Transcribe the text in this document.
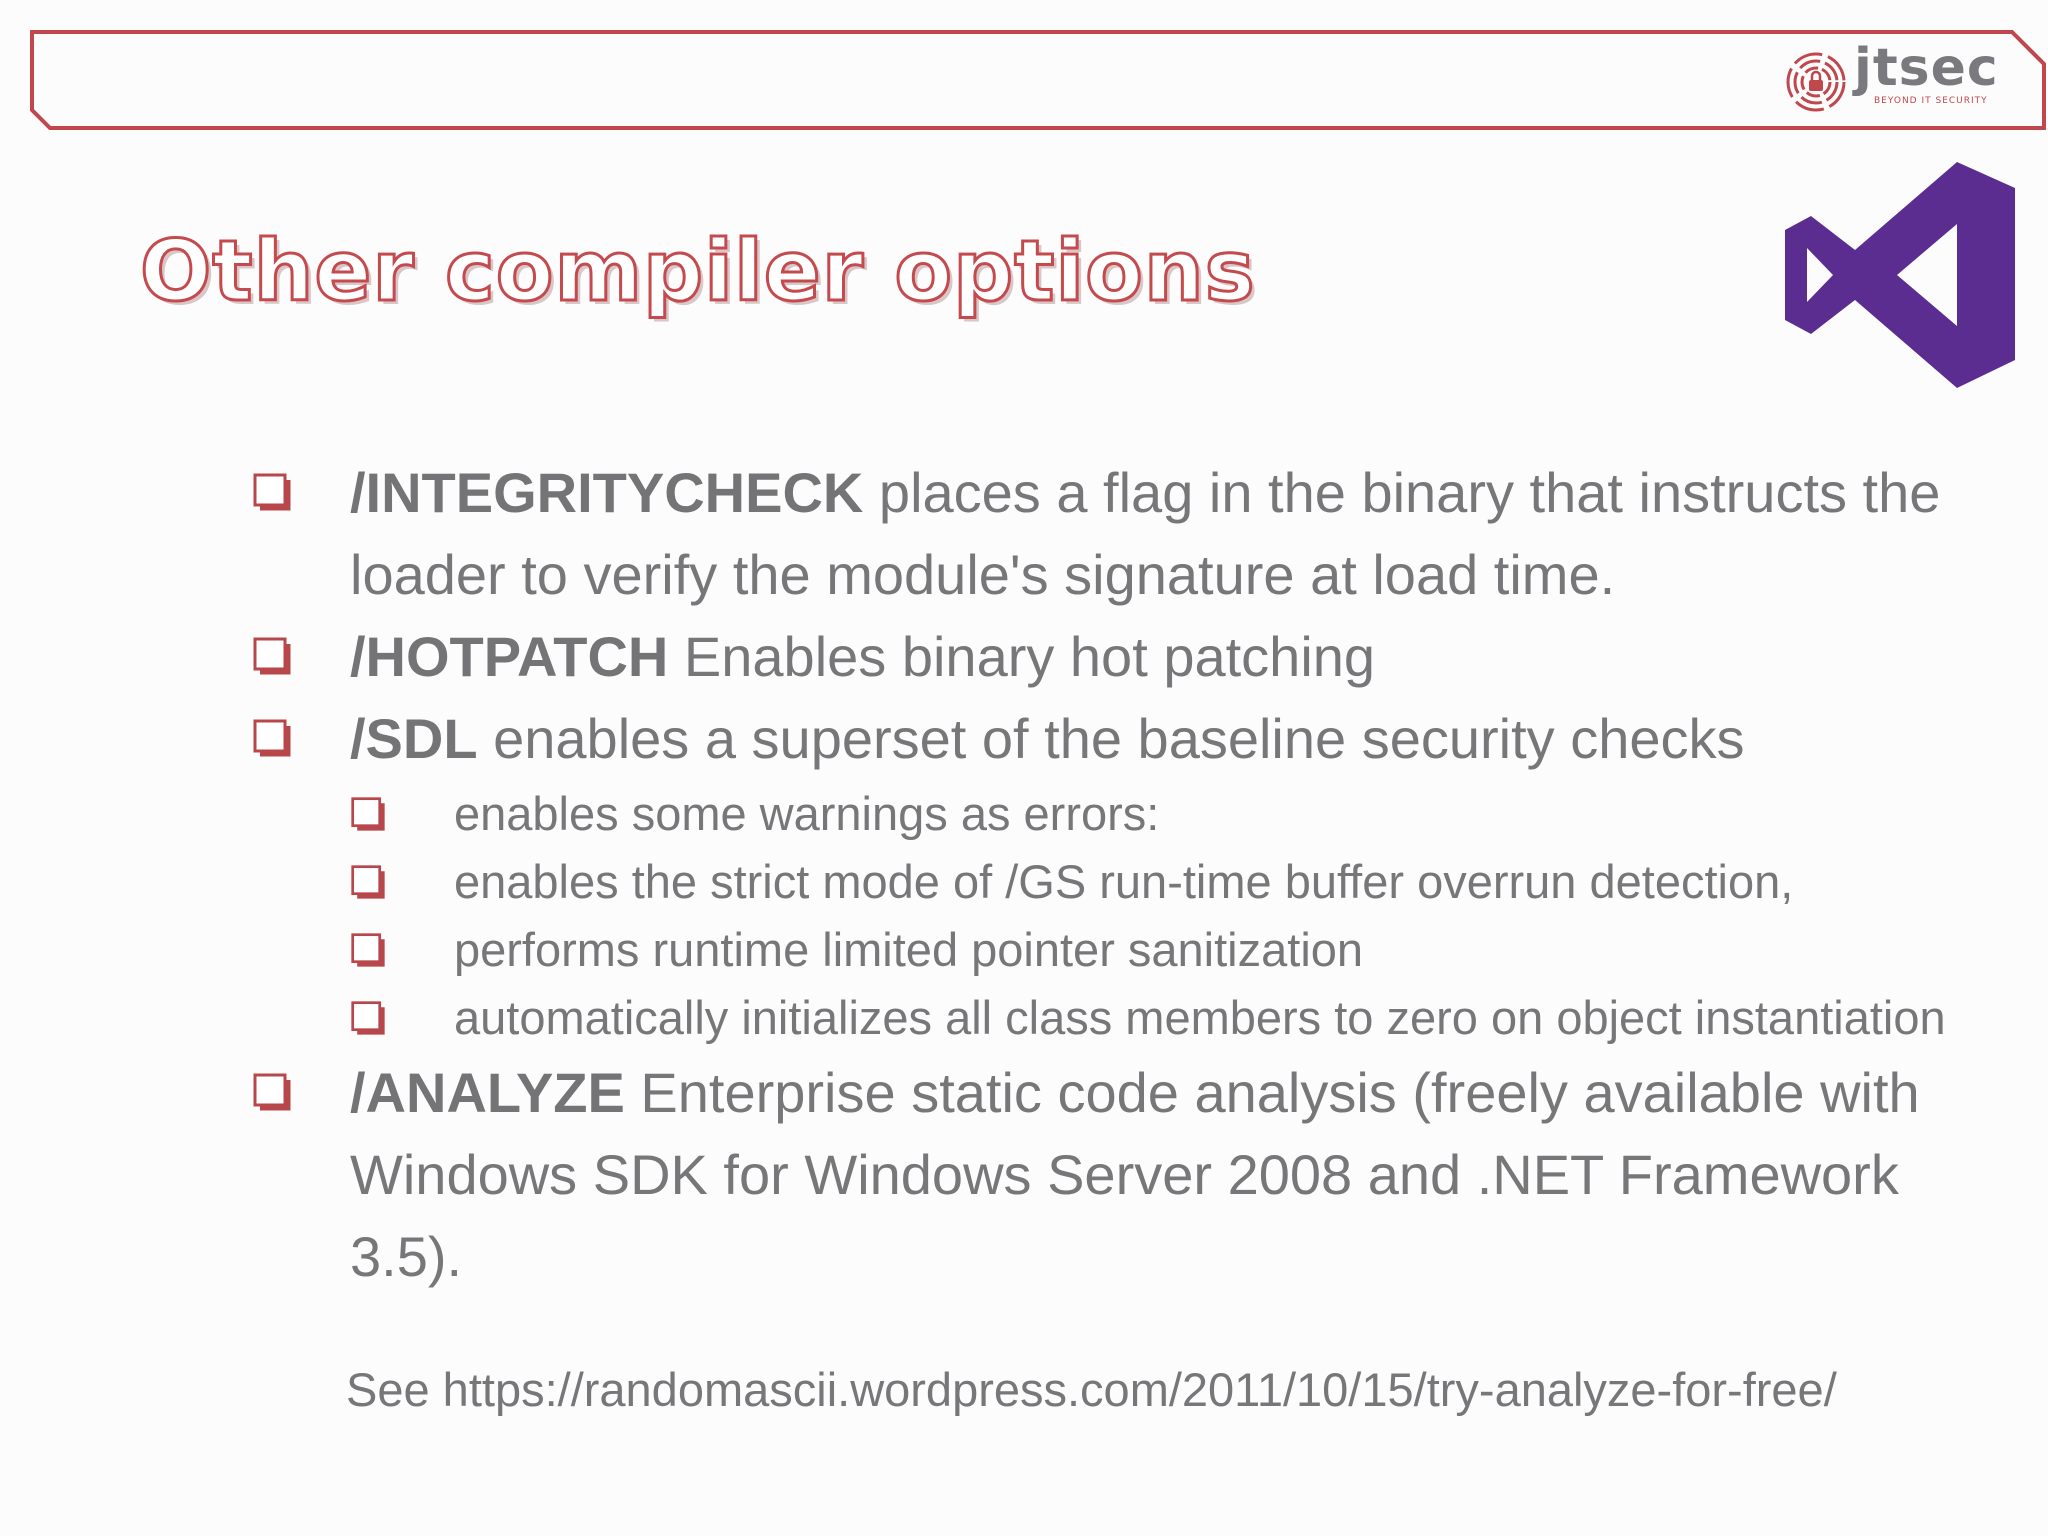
jtsec
BEYOND IT SECURITY
Other compiler options
/INTEGRITYCHECK places a flag in the binary that instructs the loader to verify the module's signature at load time.
/HOTPATCH Enables binary hot patching
/SDL enables a superset of the baseline security checks
enables some warnings as errors:
enables the strict mode of /GS run-time buffer overrun detection,
performs runtime limited pointer sanitization
automatically initializes all class members to zero on object instantiation
/ANALYZE Enterprise static code analysis (freely available with Windows SDK for Windows Server 2008 and .NET Framework 3.5).
See https://randomascii.wordpress.com/2011/10/15/try-analyze-for-free/
